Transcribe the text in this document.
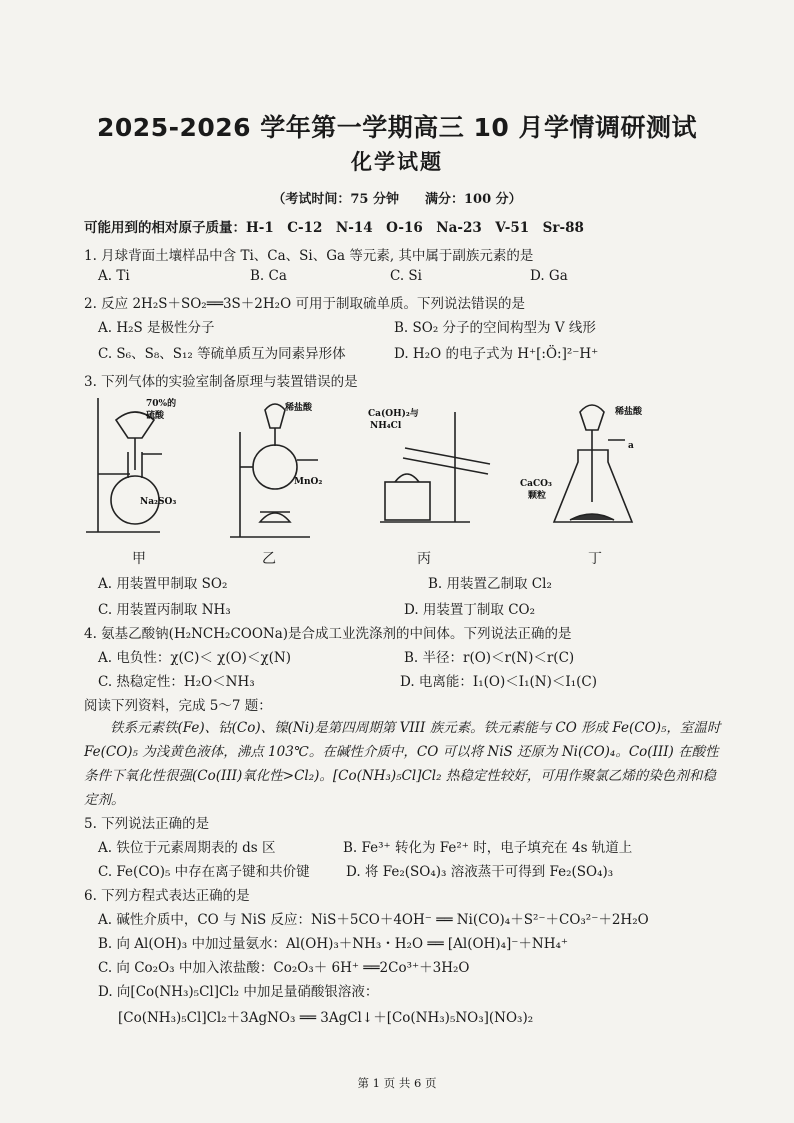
2025-2026 学年第一学期高三 10 月学情调研测试
化学试题
（考试时间：75 分钟　　满分：100 分）
可能用到的相对原子质量：H-1　C-12　N-14　O-16　Na-23　V-51　Sr-88
1. 月球背面土壤样品中含 Ti、Ca、Si、Ga 等元素, 其中属于副族元素的是
A. Ti	B. Ca	C. Si	D. Ga
2. 反应 2H₂S＋SO₂══3S＋2H₂O 可用于制取硫单质。下列说法错误的是
A. H₂S 是极性分子	B. SO₂ 分子的空间构型为 V 线形
C. S₆、S₈、S₁₂ 等硫单质互为同素异形体	D. H₂O 的电子式为 H⁺[:Ö:]²⁻H⁺
3. 下列气体的实验室制备原理与装置错误的是
70%的
硫酸
Na₂SO₃
稀盐酸
MnO₂
Ca(OH)₂与
NH₄Cl
稀盐酸
a
CaCO₃
颗粒
甲	乙	丙	丁
A. 用装置甲制取 SO₂	B. 用装置乙制取 Cl₂
C. 用装置丙制取 NH₃	D. 用装置丁制取 CO₂
4. 氨基乙酸钠(H₂NCH₂COONa)是合成工业洗涤剂的中间体。下列说法正确的是
A. 电负性：χ(C)＜ χ(O)＜χ(N)	B. 半径：r(O)＜r(N)＜r(C)
C. 热稳定性：H₂O＜NH₃	D. 电离能：I₁(O)＜I₁(N)＜I₁(C)
阅读下列资料，完成 5～7 题：
铁系元素铁(Fe)、钴(Co)、镍(Ni)是第四周期第 VIII 族元素。铁元素能与 CO 形成 Fe(CO)₅，室温时 Fe(CO)₅ 为浅黄色液体，沸点 103℃。在碱性介质中，CO 可以将 NiS 还原为 Ni(CO)₄。Co(III) 在酸性条件下氧化性很强(Co(III)氧化性>Cl₂)。[Co(NH₃)₅Cl]Cl₂ 热稳定性较好，可用作聚氯乙烯的染色剂和稳定剂。
5. 下列说法正确的是
A. 铁位于元素周期表的 ds 区	B. Fe³⁺ 转化为 Fe²⁺ 时，电子填充在 4s 轨道上
C. Fe(CO)₅ 中存在离子键和共价键	D. 将 Fe₂(SO₄)₃ 溶液蒸干可得到 Fe₂(SO₄)₃
6. 下列方程式表达正确的是
A. 碱性介质中，CO 与 NiS 反应：NiS＋5CO＋4OH⁻ ══ Ni(CO)₄＋S²⁻＋CO₃²⁻＋2H₂O
B. 向 Al(OH)₃ 中加过量氨水：Al(OH)₃＋NH₃・H₂O ══ [Al(OH)₄]⁻＋NH₄⁺
C. 向 Co₂O₃ 中加入浓盐酸：Co₂O₃＋ 6H⁺ ══2Co³⁺＋3H₂O
D. 向[Co(NH₃)₅Cl]Cl₂ 中加足量硝酸银溶液：
[Co(NH₃)₅Cl]Cl₂＋3AgNO₃ ══ 3AgCl↓＋[Co(NH₃)₅NO₃](NO₃)₂
第 1 页 共 6 页
